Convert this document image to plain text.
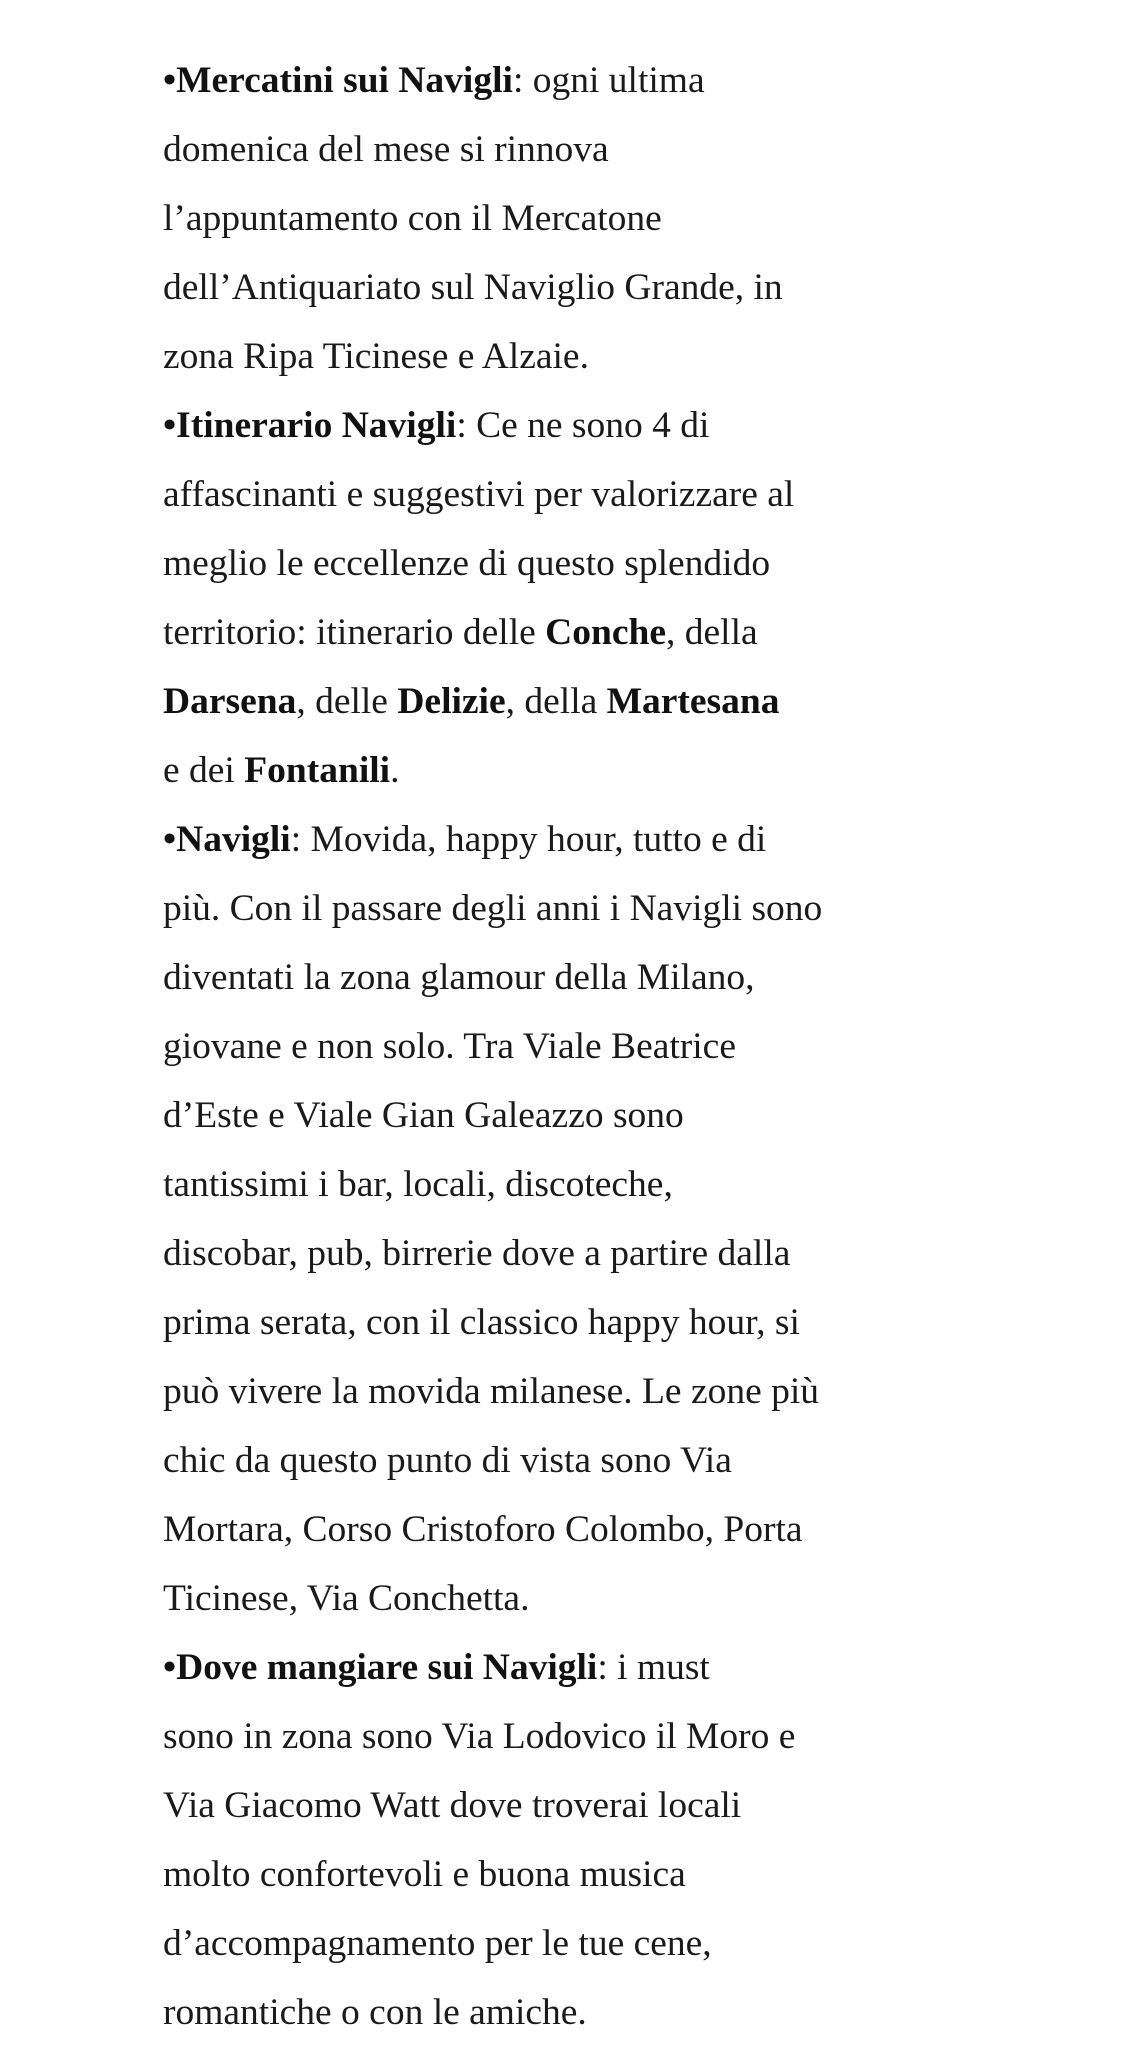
•Mercatini sui Navigli: ogni ultima
domenica del mese si rinnova
l’appuntamento con il Mercatone
dell’Antiquariato sul Naviglio Grande, in
zona Ripa Ticinese e Alzaie.
•Itinerario Navigli: Ce ne sono 4 di
affascinanti e suggestivi per valorizzare al
meglio le eccellenze di questo splendido
territorio: itinerario delle Conche, della
Darsena, delle Delizie, della Martesana
e dei Fontanili.
•Navigli: Movida, happy hour, tutto e di
più. Con il passare degli anni i Navigli sono
diventati la zona glamour della Milano,
giovane e non solo. Tra Viale Beatrice
d’Este e Viale Gian Galeazzo sono
tantissimi i bar, locali, discoteche,
discobar, pub, birrerie dove a partire dalla
prima serata, con il classico happy hour, si
può vivere la movida milanese. Le zone più
chic da questo punto di vista sono Via
Mortara, Corso Cristoforo Colombo, Porta
Ticinese, Via Conchetta.
•Dove mangiare sui Navigli: i must
sono in zona sono Via Lodovico il Moro e
Via Giacomo Watt dove troverai locali
molto confortevoli e buona musica
d’accompagnamento per le tue cene,
romantiche o con le amiche.
